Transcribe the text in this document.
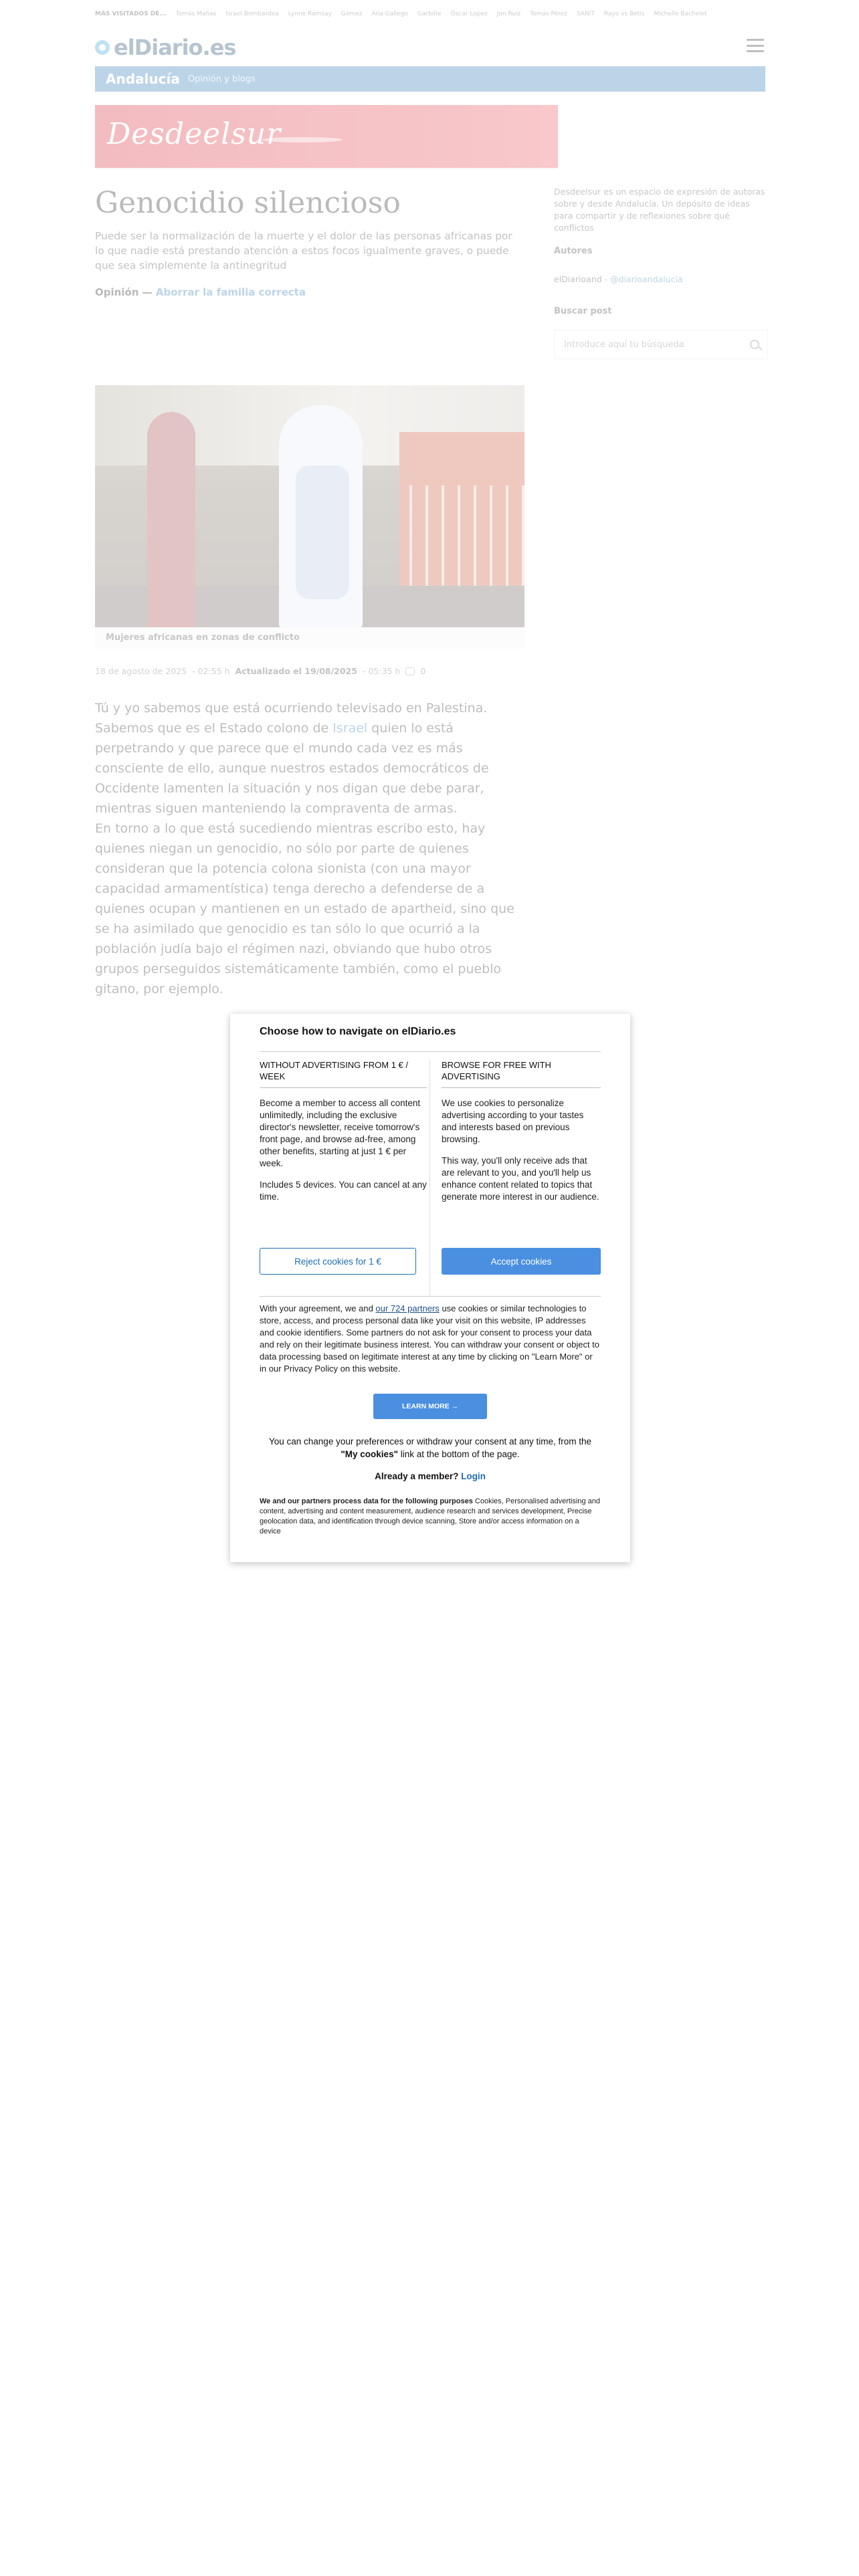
Introduce aquí tu búsqueda
Choose how to navigate on elDiario.es
WITHOUT ADVERTISING FROM 1 € / WEEK

Become a member to access all content unlimitedly, including the exclusive director's newsletter, receive tomorrow's front page, and browse ad-free, among other benefits, starting at just 1 € per week.

Includes 5 devices. You can cancel at any time.

BROWSE FOR FREE WITH ADVERTISING

We use cookies to personalize advertising according to your tastes and interests based on previous browsing.

This way, you'll only receive ads that are relevant to you, and you'll help us enhance content related to topics that generate more interest in our audience.

Reject cookies for 1 €	Accept cookies
With your agreement, we and our 724 partners use cookies or similar technologies to store, access, and process personal data like your visit on this website, IP addresses and cookie identifiers. Some partners do not ask for your consent to process your data and rely on their legitimate business interest. You can withdraw your consent or object to data processing based on legitimate interest at any time by clicking on "Learn More" or in our Privacy Policy on this website.
LEARN MORE →
You can change your preferences or withdraw your consent at any time, from the "My cookies" link at the bottom of the page.
Already a member? Login
We and our partners process data for the following purposes Cookies, Personalised advertising and content, advertising and content measurement, audience research and services development, Precise geolocation data, and identification through device scanning, Store and/or access information on a device
